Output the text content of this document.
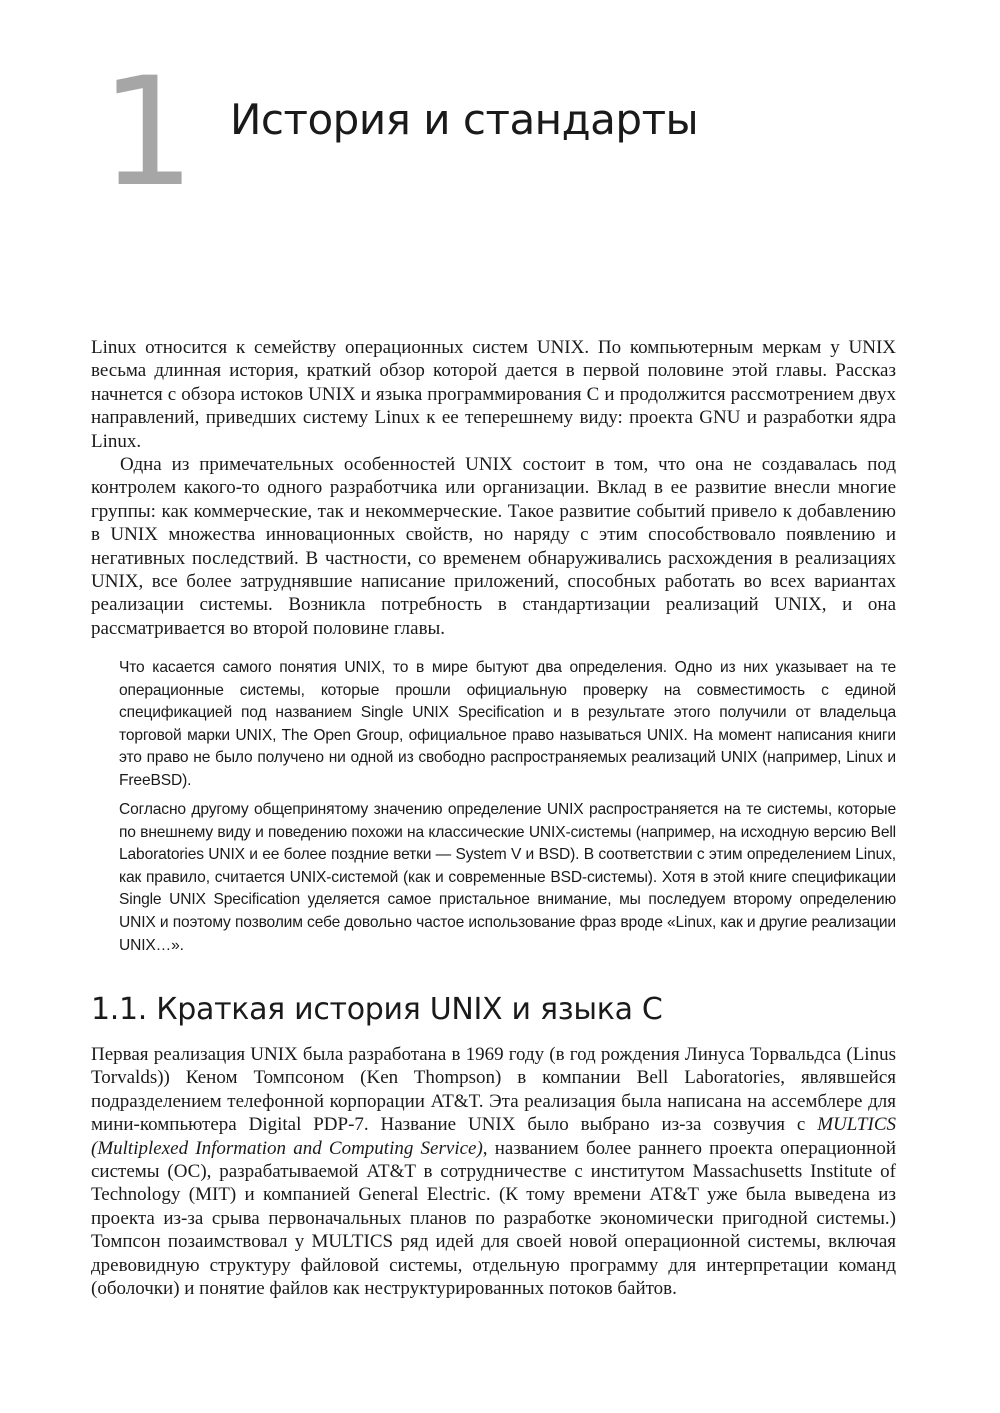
1 История и стандарты

Linux относится к семейству операционных систем UNIX. По компьютерным меркам у UNIX весьма длинная история, краткий обзор которой дается в первой половине этой главы. Рассказ начнется с обзора истоков UNIX и языка программирования C и продолжится рассмотрением двух направлений, приведших систему Linux к ее теперешнему виду: проекта GNU и разработки ядра Linux.

Одна из примечательных особенностей UNIX состоит в том, что она не создавалась под контролем какого-то одного разработчика или организации. Вклад в ее развитие внесли многие группы: как коммерческие, так и некоммерческие. Такое развитие событий привело к добавлению в UNIX множества инновационных свойств, но наряду с этим способствовало появлению и негативных последствий. В частности, со временем обнаруживались расхождения в реализациях UNIX, все более затруднявшие написание приложений, способных работать во всех вариантах реализации системы. Возникла потребность в стандартизации реализаций UNIX, и она рассматривается во второй половине главы.

Что касается самого понятия UNIX, то в мире бытуют два определения. Одно из них указывает на те операционные системы, которые прошли официальную проверку на совместимость с единой спецификацией под названием Single UNIX Specification и в результате этого получили от владельца торговой марки UNIX, The Open Group, официальное право называться UNIX. На момент написания книги это право не было получено ни одной из свободно распространяемых реализаций UNIX (например, Linux и FreeBSD).

Согласно другому общепринятому значению определение UNIX распространяется на те системы, которые по внешнему виду и поведению похожи на классические UNIX-системы (например, на исходную версию Bell Laboratories UNIX и ее более поздние ветки — System V и BSD). В соответствии с этим определением Linux, как правило, считается UNIX-системой (как и современные BSD-системы). Хотя в этой книге спецификации Single UNIX Specification уделяется самое пристальное внимание, мы последуем второму определению UNIX и поэтому позволим себе довольно частое использование фраз вроде «Linux, как и другие реализации UNIX…».

1.1. Краткая история UNIX и языка C

Первая реализация UNIX была разработана в 1969 году (в год рождения Линуса Торвальдса (Linus Torvalds)) Кеном Томпсоном (Ken Thompson) в компании Bell Laboratories, являвшейся подразделением телефонной корпорации AT&T. Эта реализация была написана на ассемблере для мини-компьютера Digital PDP-7. Название UNIX было выбрано из-за созвучия с MULTICS (Multiplexed Information and Computing Service), названием более раннего проекта операционной системы (ОС), разрабатываемой AT&T в сотрудничестве с институтом Massachusetts Institute of Technology (MIT) и компанией General Electric. (К тому времени AT&T уже была выведена из проекта из-за срыва первоначальных планов по разработке экономически пригодной системы.) Томпсон позаимствовал у MULTICS ряд идей для своей новой операционной системы, включая древовидную структуру файловой системы, отдельную программу для интерпретации команд (оболочки) и понятие файлов как неструктурированных потоков байтов.
